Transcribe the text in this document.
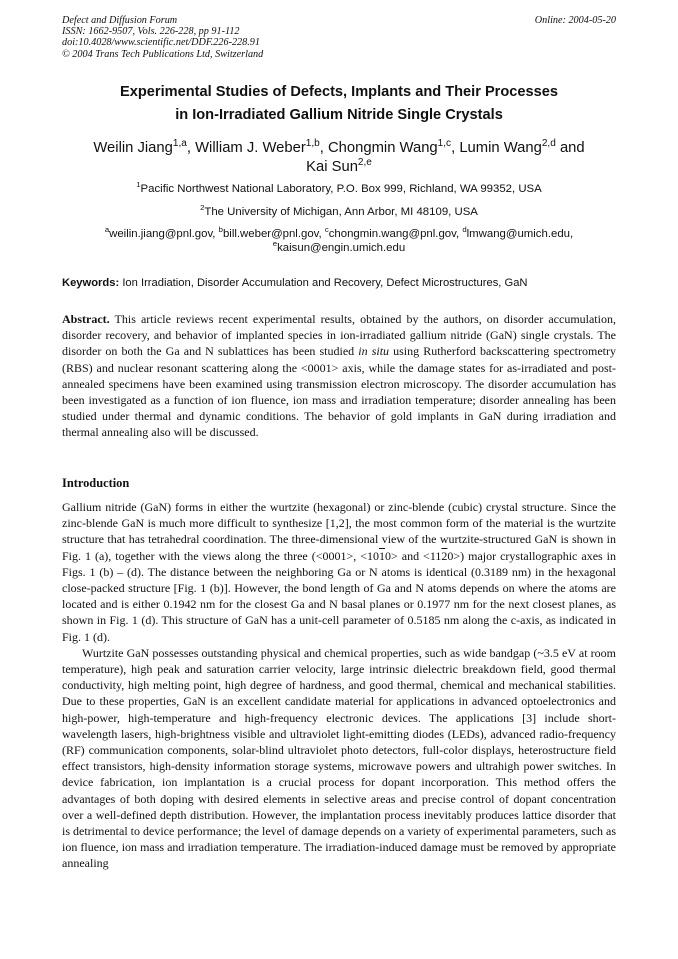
Defect and Diffusion Forum
ISSN: 1662-9507, Vols. 226-228, pp 91-112
doi:10.4028/www.scientific.net/DDF.226-228.91
© 2004 Trans Tech Publications Ltd, Switzerland
Online: 2004-05-20
Experimental Studies of Defects, Implants and Their Processes
in Ion-Irradiated Gallium Nitride Single Crystals
Weilin Jiang$^{1,a}$, William J. Weber$^{1,b}$, Chongmin Wang$^{1,c}$, Lumin Wang$^{2,d}$ and
Kai Sun$^{2,e}$
$^1$Pacific Northwest National Laboratory, P.O. Box 999, Richland, WA 99352, USA
$^2$The University of Michigan, Ann Arbor, MI 48109, USA
$^a$weilin.jiang@pnl.gov, $^b$bill.weber@pnl.gov, $^c$chongmin.wang@pnl.gov, $^d$lmwang@umich.edu,
$^e$kaisun@engin.umich.edu
Keywords: Ion Irradiation, Disorder Accumulation and Recovery, Defect Microstructures, GaN
Abstract. This article reviews recent experimental results, obtained by the authors, on disorder accumulation, disorder recovery, and behavior of implanted species in ion-irradiated gallium nitride (GaN) single crystals. The disorder on both the Ga and N sublattices has been studied in situ using Rutherford backscattering spectrometry (RBS) and nuclear resonant scattering along the <0001> axis, while the damage states for as-irradiated and post-annealed specimens have been examined using transmission electron microscopy. The disorder accumulation has been investigated as a function of ion fluence, ion mass and irradiation temperature; disorder annealing has been studied under thermal and dynamic conditions. The behavior of gold implants in GaN during irradiation and thermal annealing also will be discussed.
Introduction
Gallium nitride (GaN) forms in either the wurtzite (hexagonal) or zinc-blende (cubic) crystal structure. Since the zinc-blende GaN is much more difficult to synthesize [1,2], the most common form of the material is the wurtzite structure that has tetrahedral coordination. The three-dimensional view of the wurtzite-structured GaN is shown in Fig. 1 (a), together with the views along the three (<0001>, <1010> and <1120>) major crystallographic axes in Figs. 1 (b) – (d). The distance between the neighboring Ga or N atoms is identical (0.3189 nm) in the hexagonal close-packed structure [Fig. 1 (b)]. However, the bond length of Ga and N atoms depends on where the atoms are located and is either 0.1942 nm for the closest Ga and N basal planes or 0.1977 nm for the next closest planes, as shown in Fig. 1 (d). This structure of GaN has a unit-cell parameter of 0.5185 nm along the c-axis, as indicated in Fig. 1 (d).
Wurtzite GaN possesses outstanding physical and chemical properties, such as wide bandgap (~3.5 eV at room temperature), high peak and saturation carrier velocity, large intrinsic dielectric breakdown field, good thermal conductivity, high melting point, high degree of hardness, and good thermal, chemical and mechanical stabilities. Due to these properties, GaN is an excellent candidate material for applications in advanced optoelectronics and high-power, high-temperature and high-frequency electronic devices. The applications [3] include short-wavelength lasers, high-brightness visible and ultraviolet light-emitting diodes (LEDs), advanced radio-frequency (RF) communication components, solar-blind ultraviolet photo detectors, full-color displays, heterostructure field effect transistors, high-density information storage systems, microwave powers and ultrahigh power switches. In device fabrication, ion implantation is a crucial process for dopant incorporation. This method offers the advantages of both doping with desired elements in selective areas and precise control of dopant concentration over a well-defined depth distribution. However, the implantation process inevitably produces lattice disorder that is detrimental to device performance; the level of damage depends on a variety of experimental parameters, such as ion fluence, ion mass and irradiation temperature. The irradiation-induced damage must be removed by appropriate annealing
